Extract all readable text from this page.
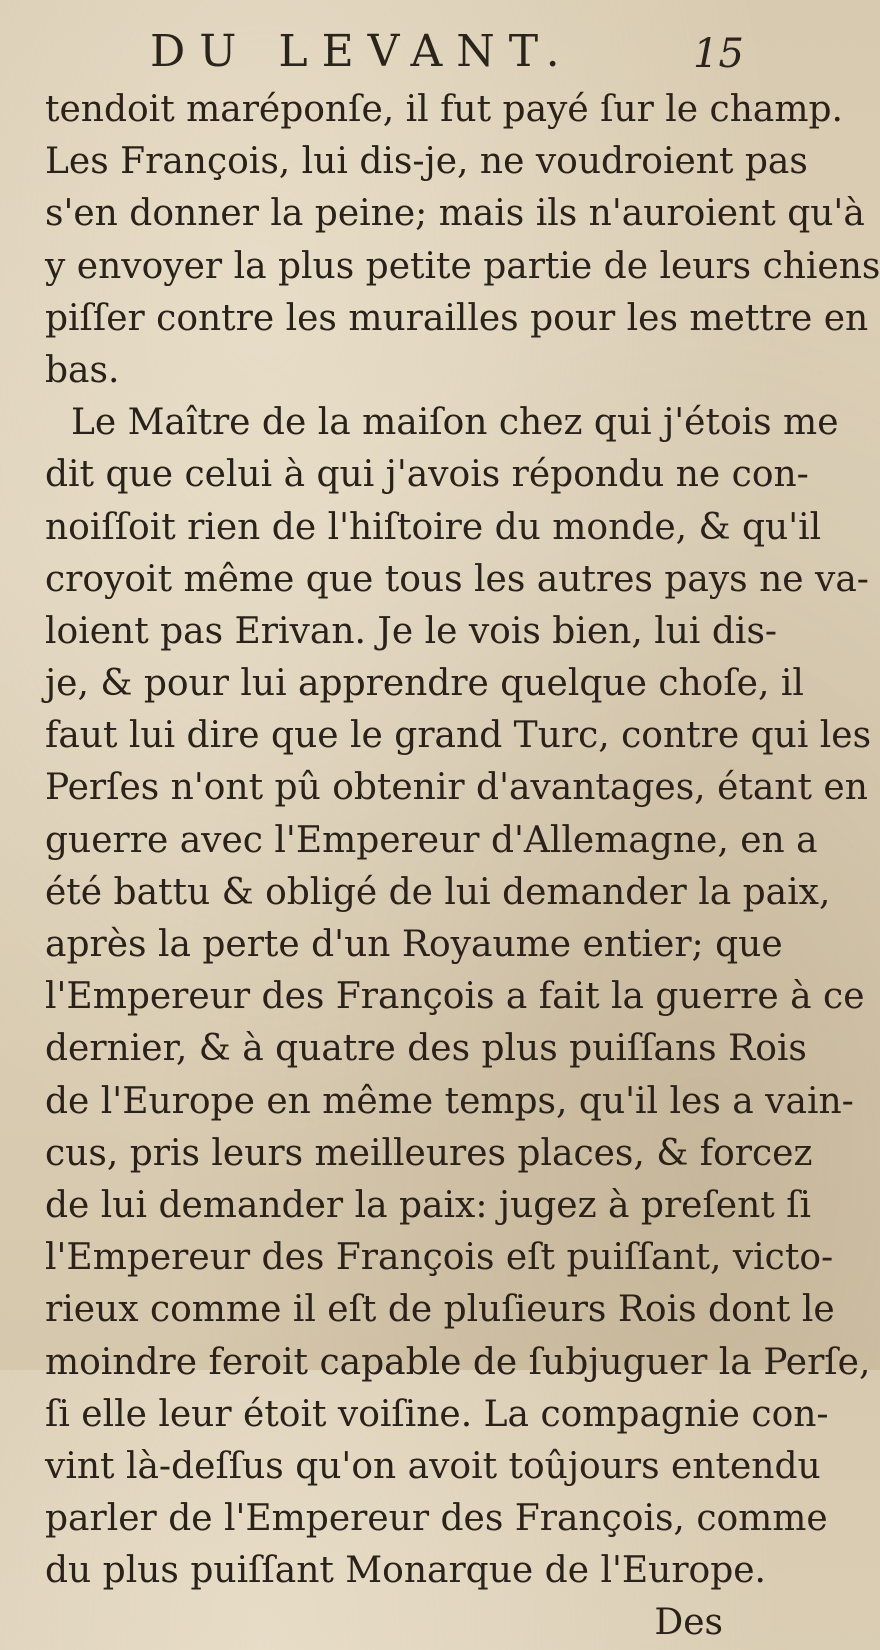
DU LEVANT.	15
tendoit maréponſe, il fut payé ſur le champ.
Les François, lui dis-je, ne voudroient pas
s'en donner la peine; mais ils n'auroient qu'à
y envoyer la plus petite partie de leurs chiens
piſſer contre les murailles pour les mettre en
bas.
Le Maître de la maiſon chez qui j'étois me
dit que celui à qui j'avois répondu ne con-
noiſſoit rien de l'hiſtoire du monde, & qu'il
croyoit même que tous les autres pays ne va-
loient pas Erivan. Je le vois bien, lui dis-
je, & pour lui apprendre quelque choſe, il
faut lui dire que le grand Turc, contre qui les
Perſes n'ont pû obtenir d'avantages, étant en
guerre avec l'Empereur d'Allemagne, en a
été battu & obligé de lui demander la paix,
après la perte d'un Royaume entier; que
l'Empereur des François a fait la guerre à ce
dernier, & à quatre des plus puiſſans Rois
de l'Europe en même temps, qu'il les a vain-
cus, pris leurs meilleures places, & forcez
de lui demander la paix: jugez à preſent ſi
l'Empereur des François eſt puiſſant, victo-
rieux comme il eſt de pluſieurs Rois dont le
moindre feroit capable de ſubjuguer la Perſe,
ſi elle leur étoit voiſine. La compagnie con-
vint là-deſſus qu'on avoit toûjours entendu
parler de l'Empereur des François, comme
du plus puiſſant Monarque de l'Europe.
Des
